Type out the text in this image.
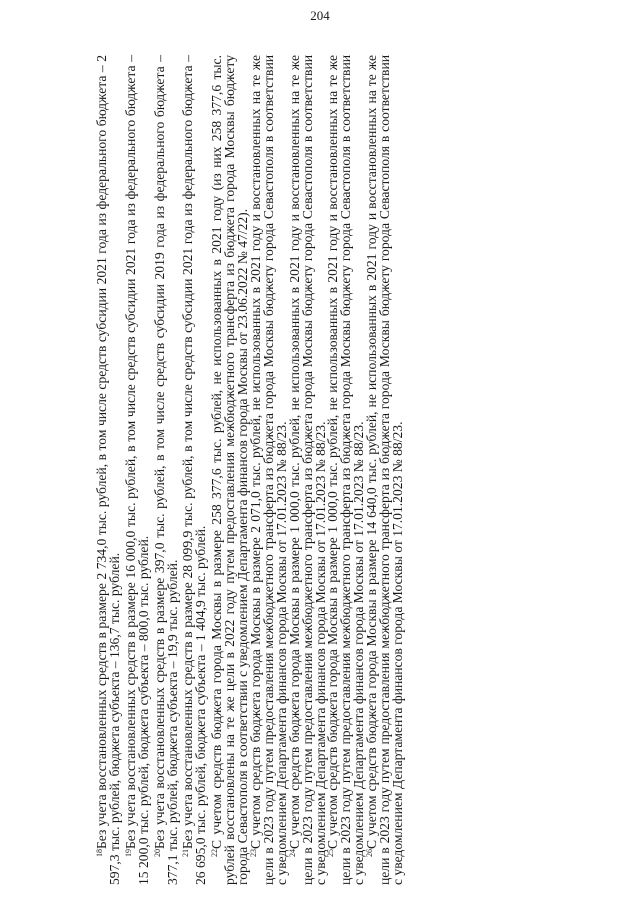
204

$^{18}$Без учета восстановленных средств в размере 2 734,0 тыс. рублей, в том числе средств субсидии 2021 года из федерального бюджета – 2 597,3 тыс. рублей, бюджета субъекта – 136,7 тыс. рублей. $^{19}$Без учета восстановленных средств в размере 16 000,0 тыс. рублей, в том числе средств субсидии 2021 года из федерального бюджета – 15 200,0 тыс. рублей, бюджета субъекта – 800,0 тыс. рублей. $^{20}$Без учета восстановленных средств в размере 397,0 тыс. рублей, в том числе средств субсидии 2019 года из федерального бюджета – 377,1 тыс. рублей, бюджета субъекта – 19,9 тыс. рублей. $^{21}$Без учета восстановленных средств в размере 28 099,9 тыс. рублей, в том числе средств субсидии 2021 года из федерального бюджета – 26 695,0 тыс. рублей, бюджета субъекта – 1 404,9 тыс. рублей. $^{22}$С учетом средств бюджета города Москвы в размере 258 377,6 тыс. рублей, не использованных в 2021 году (из них 258 377,6 тыс. рублей восстановлены на те же цели в 2022 году путем предоставления межбюджетного трансферта из бюджета города Москвы бюджету города Севастополя в соответствии с уведомлением Департамента финансов города Москвы от 23.06.2022 № 47/22).

$^{23}$С учетом средств бюджета города Москвы в размере 2 071,0 тыс. рублей, не использованных в 2021 году и восстановленных на те же цели в 2023 году путем предоставления межбюджетного трансферта из бюджета города Москвы бюджету города Севастополя в соответствии с уведомлением Департамента финансов города Москвы от 17.01.2023 № 88/23.

$^{24}$С учетом средств бюджета города Москвы в размере 1 000,0 тыс. рублей, не использованных в 2021 году и восстановленных на те же цели в 2023 году путем предоставления межбюджетного трансферта из бюджета города Москвы бюджету города Севастополя в соответствии с уведомлением Департамента финансов города Москвы от 17.01.2023 № 88/23.

$^{25}$С учетом средств бюджета города Москвы в размере 1 000,0 тыс. рублей, не использованных в 2021 году и восстановленных на те же цели в 2023 году путем предоставления межбюджетного трансферта из бюджета города Москвы бюджету города Севастополя в соответствии с уведомлением Департамента финансов города Москвы от 17.01.2023 № 88/23.

$^{26}$С учетом средств бюджета города Москвы в размере 14 640,0 тыс. рублей, не использованных в 2021 году и восстановленных на те же цели в 2023 году путем предоставления межбюджетного трансферта из бюджета города Москвы бюджету города Севастополя в соответствии с уведомлением Департамента финансов города Москвы от 17.01.2023 № 88/23.
